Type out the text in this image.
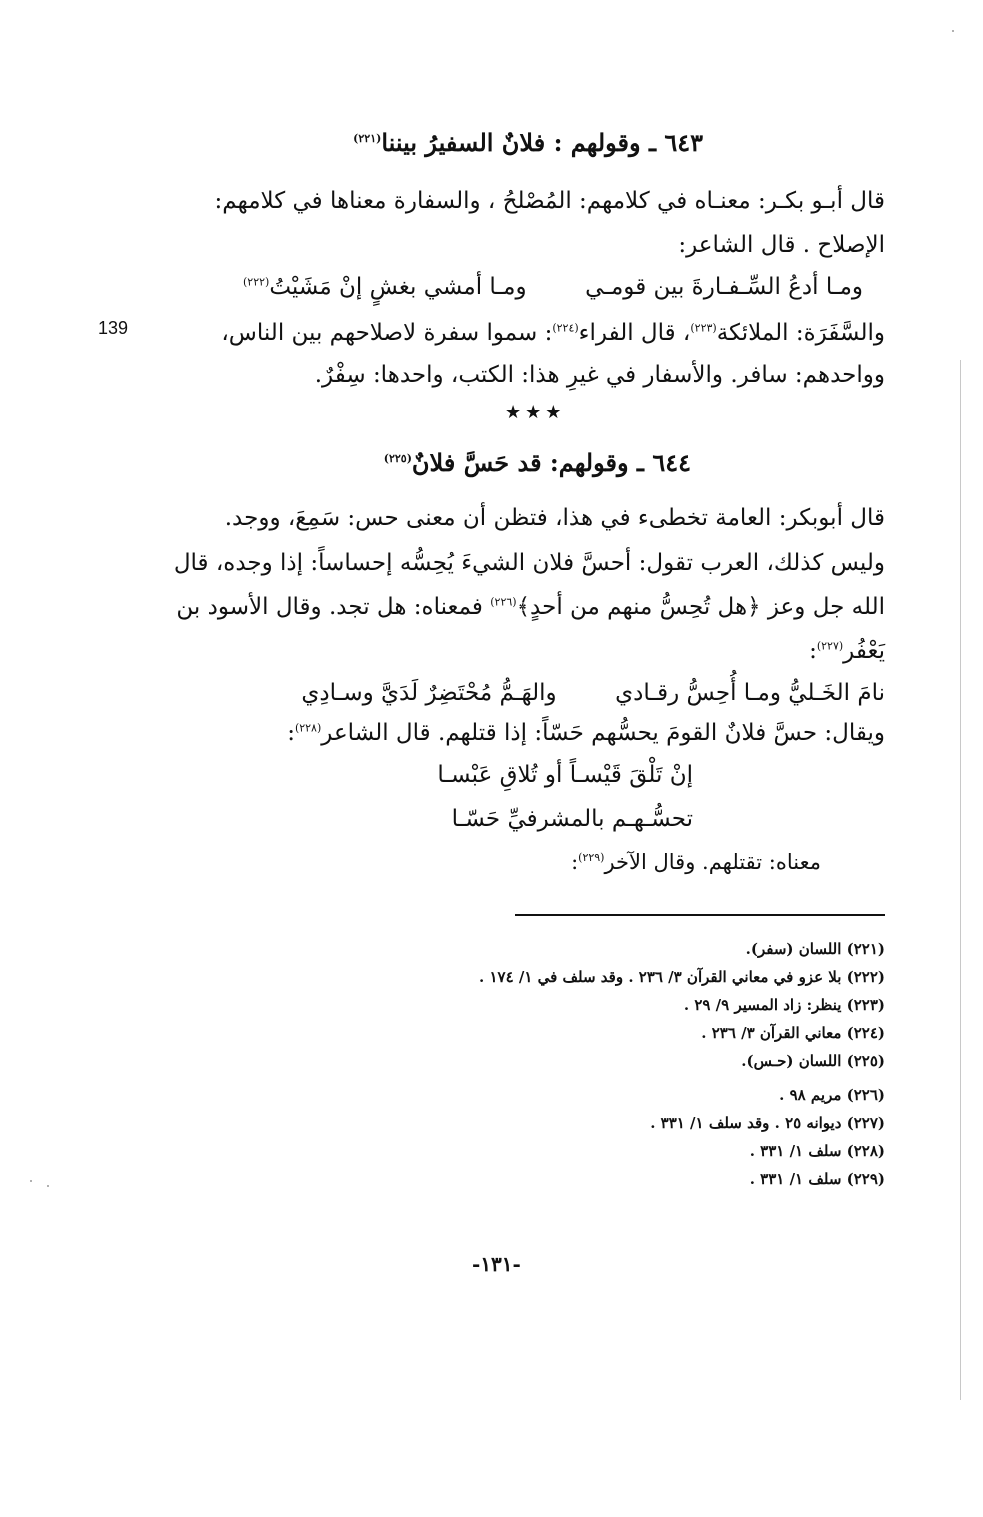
139
٦٤٣ ـ وقولهم : فلانٌ السفيرُ بيننا$^{(٢٢١)}$
قال أبـو بكـر: معنـاه في كلامهم: المُصْلحُ ، والسفارة معناها في كلامهم:
الإصلاح . قال الشاعر:
ومـا أدعُ السِّـفـارةَ بين قومـي        ومـا أمشي بغشٍ إنْ مَشَيْتُ$^{(٢٢٢)}$
والسَّفَرَة: الملائكة$^{(٢٢٣)}$، قال الفراء$^{(٢٢٤)}$: سموا سفرة لاصلاحهم بين الناس،
وواحدهم: سافر. والأسفار في غيرِ هذا: الكتب، واحدها: سِفْرٌ.
★★★
٦٤٤ ـ وقولهم: قد حَسَّ فلانٌ$^{(٢٢٥)}$
قال أبوبكر: العامة تخطىء في هذا، فتظن أن معنى حس: سَمِعَ، ووجد.
وليس كذلك، العرب تقول: أحسَّ فلان الشيءَ يُحِسُّه إحساساً: إذا وجده، قال
الله جل وعز ﴿هل تُحِسُّ منهم من أحدٍ﴾$^{(٢٢٦)}$ فمعناه: هل تجد. وقال الأسود بن
يَعْفُر$^{(٢٢٧)}$:
نامَ الخَـليُّ ومـا أُحِسُّ رقـادي        والهَـمُّ مُحْتَضِرٌ لَدَيَّ وسـادِي
ويقال: حسَّ فلانٌ القومَ يحسُّهم حَسّاً: إذا قتلهم. قال الشاعر$^{(٢٢٨)}$:
إنْ تَلْقَ قَيْسـاً أو تُلاقِ عَبْسـا
تحسُّـهـم بالمشرفيِّ حَسّـا
معناه: تقتلهم. وقال الآخر$^{(٢٢٩)}$:
(٢٢١) اللسان (سفر).
(٢٢٢) بلا عزو في معاني القرآن ٣/ ٢٣٦ . وقد سلف في ١/ ١٧٤ .
(٢٢٣) ينظر: زاد المسير ٩/ ٢٩ .
(٢٢٤) معاني القرآن ٣/ ٢٣٦ .
(٢٢٥) اللسان (حـس).
(٢٢٦) مريم ٩٨ .
(٢٢٧) ديوانه ٢٥ . وقد سلف ١/ ٣٣١ .
(٢٢٨) سلف ١/ ٣٣١ .
(٢٢٩) سلف ١/ ٣٣١ .
-١٣١-
